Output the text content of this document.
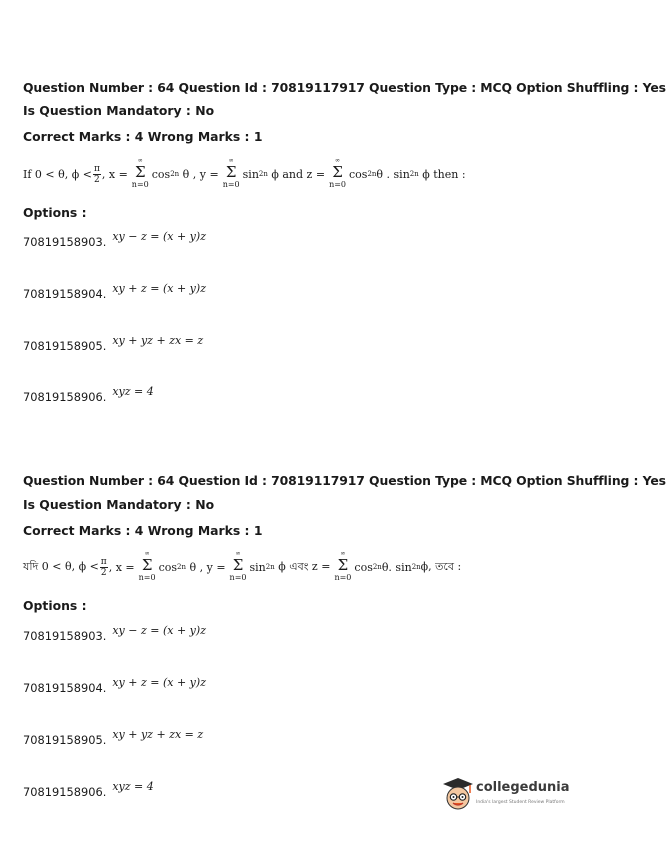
Question Number : 64 Question Id : 70819117917 Question Type : MCQ Option Shuffling : Yes
Is Question Mandatory : No
Correct Marks : 4 Wrong Marks : 1
If 0 < θ, $\phi < \frac{\pi}{2}$ , x =
∞
Σ
n=0
cos 2n
θ , y =
∞
Σ
n=0
sin 2n
ϕ and z =
∞
Σ
n=0
cos 2n θ . sin 2n
ϕ then :
Options :
70819158903. xy − z = (x + y)z
70819158904. xy + z = (x + y)z
70819158905. xy + yz + zx = z
70819158906. xyz = 4
Question Number : 64 Question Id : 70819117917 Question Type : MCQ Option Shuffling : Yes
Is Question Mandatory : No
Correct Marks : 4 Wrong Marks : 1
যদি 0 < θ, $\phi < \frac{\pi}{2}$ , x =
∞
Σ
n=0
cos 2n
θ , y =
∞
Σ
n=0
sin 2n
ϕ এবং z =
∞
Σ
n=0
cos 2n θ. sin 2n ϕ, তবে :
Options :
70819158903. xy − z = (x + y)z
70819158904. xy + z = (x + y)z
70819158905. xy + yz + zx = z
70819158906. xyz = 4	collegedunia
India's largest Student Review Platform
